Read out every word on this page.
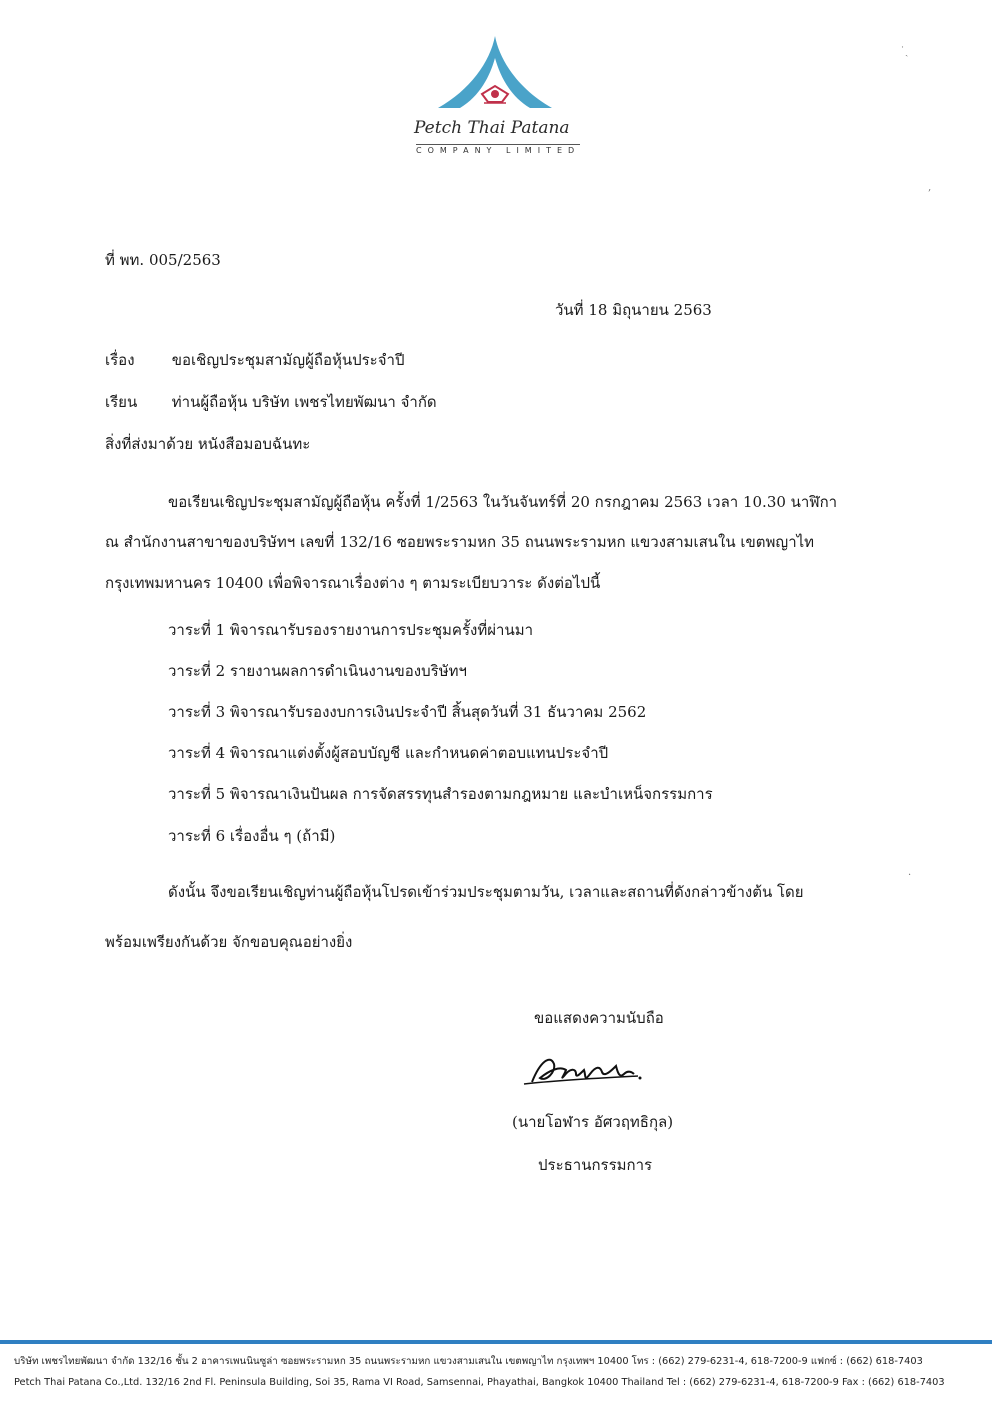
Petch Thai Patana
COMPANY LIMITED
ที่ พท. 005/2563
วันที่ 18 มิถุนายน 2563
เรื่อง ขอเชิญประชุมสามัญผู้ถือหุ้นประจำปี
เรียน ท่านผู้ถือหุ้น บริษัท เพชรไทยพัฒนา จำกัด
สิ่งที่ส่งมาด้วย หนังสือมอบฉันทะ
ขอเรียนเชิญประชุมสามัญผู้ถือหุ้น ครั้งที่ 1/2563 ในวันจันทร์ที่ 20 กรกฎาคม 2563 เวลา 10.30 นาฬิกา
ณ สำนักงานสาขาของบริษัทฯ เลขที่ 132/16 ซอยพระรามหก 35 ถนนพระรามหก แขวงสามเสนใน เขตพญาไท
กรุงเทพมหานคร 10400 เพื่อพิจารณาเรื่องต่าง ๆ ตามระเบียบวาระ ดังต่อไปนี้
วาระที่ 1 พิจารณารับรองรายงานการประชุมครั้งที่ผ่านมา
วาระที่ 2 รายงานผลการดำเนินงานของบริษัทฯ
วาระที่ 3 พิจารณารับรองงบการเงินประจำปี สิ้นสุดวันที่ 31 ธันวาคม 2562
วาระที่ 4 พิจารณาแต่งตั้งผู้สอบบัญชี และกำหนดค่าตอบแทนประจำปี
วาระที่ 5 พิจารณาเงินปันผล การจัดสรรทุนสำรองตามกฎหมาย และบำเหน็จกรรมการ
วาระที่ 6 เรื่องอื่น ๆ (ถ้ามี)
ดังนั้น จึงขอเรียนเชิญท่านผู้ถือหุ้นโปรดเข้าร่วมประชุมตามวัน, เวลาและสถานที่ดังกล่าวข้างต้น โดย
พร้อมเพรียงกันด้วย จักขอบคุณอย่างยิ่ง
ขอแสดงความนับถือ
(นายโอฬาร อัศวฤทธิกุล)
ประธานกรรมการ
˙ˏ
‚
·
บริษัท เพชรไทยพัฒนา จำกัด 132/16 ชั้น 2 อาคารเพนนินซูล่า ซอยพระรามหก 35 ถนนพระรามหก แขวงสามเสนใน เขตพญาไท กรุงเทพฯ 10400 โทร : (662) 279-6231-4, 618-7200-9 แฟกซ์ : (662) 618-7403
Petch Thai Patana Co.,Ltd. 132/16 2nd Fl. Peninsula Building, Soi 35, Rama VI Road, Samsennai, Phayathai, Bangkok 10400 Thailand Tel : (662) 279-6231-4, 618-7200-9 Fax : (662) 618-7403
